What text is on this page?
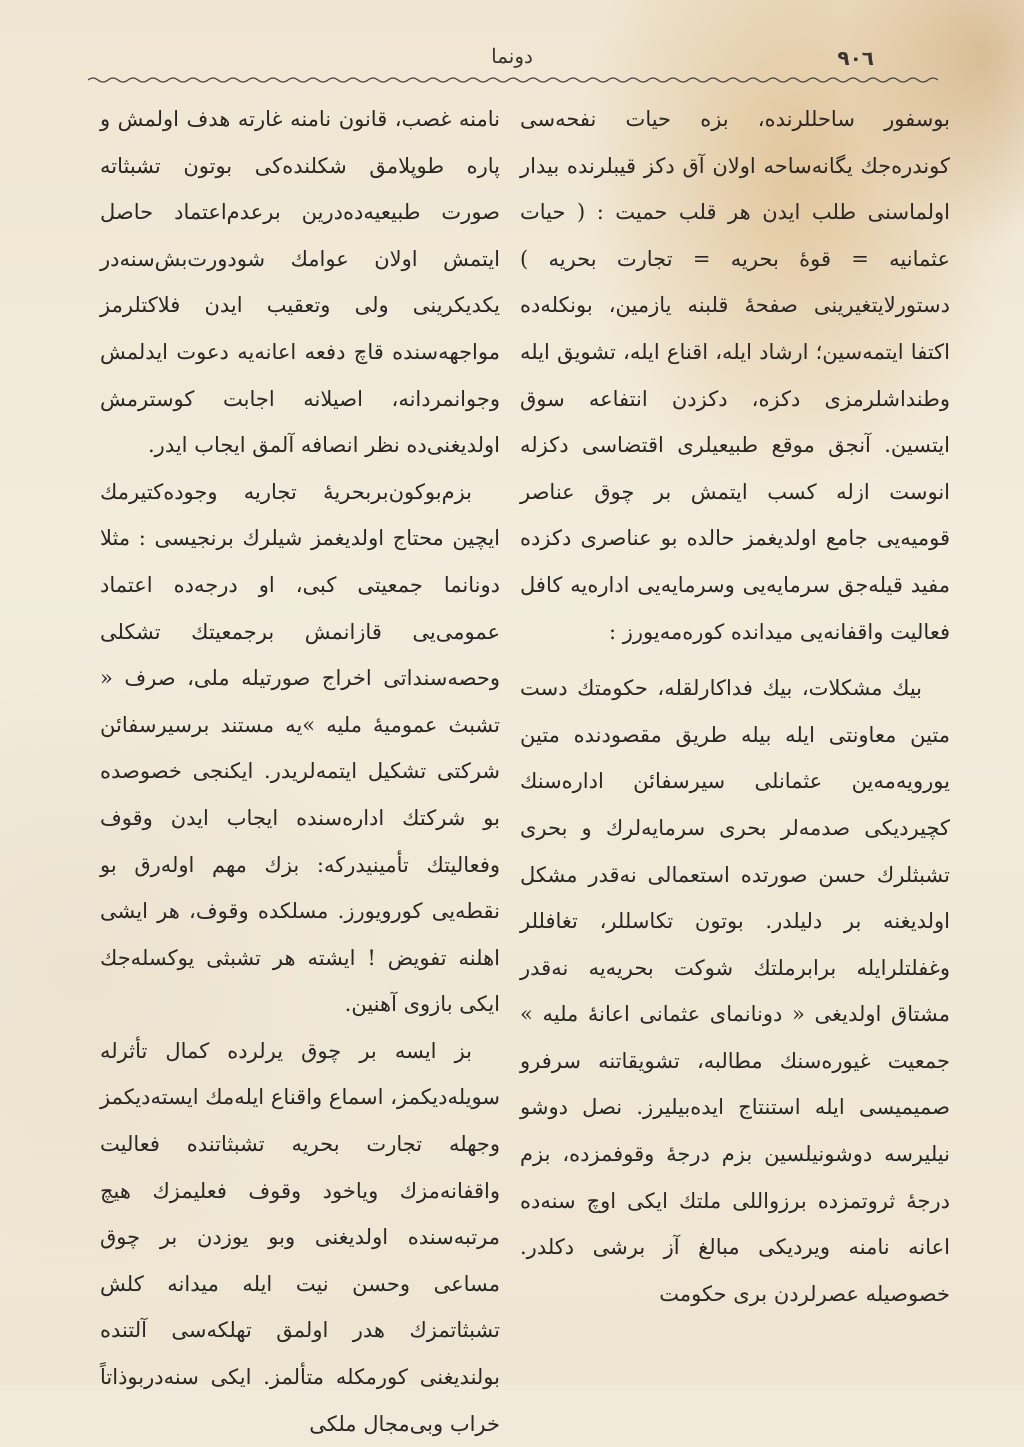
٩٠٦
دونما

بوسفور ساحللرنده، بزه حیات نفحه‌سی کوندره‌جك یگانه‌ساحه اولان آق دکز قیبلرنده بیدار اولماسنی طلب ایدن هر قلب حمیت : ( حیات عثمانیه = قوهٔ بحریه = تجارت بحریه ) دستورلایتغیرینی صفحهٔ قلبنه یازمین، بونکله‌ده اکتفا ایتمه‌سین؛ ارشاد ایله، اقناع ایله، تشویق ایله وطنداشلرمزی دکزه، دکزدن انتفاعه سوق ایتسین. آنجق موقع طبیعیلری اقتضاسی دکزله انوست ازله کسب ایتمش بر چوق عناصر قومیه‌یی جامع اولدیغمز حالده بو عناصری دکزده مفید قیله‌جق سرمایه‌یی وسرمایه‌یی اداره‌یه کافل فعالیت واقفانه‌یی میدانده کوره‌مه‌یورز :

بیك مشکلات، بیك فداکارلقله، حکومتك دست متین معاونتی ایله بیله طریق مقصودنده متین یورویه‌مه‌ین عثمانلی سیرسفائن اداره‌سنك کچیردیکی صدمه‌لر بحری سرمایه‌لرك و بحری تشبثلرك حسن صورتده استعمالی نه‌قدر مشکل اولدیغنه بر دلیلدر. بوتون تکاسللر، تغافللر وغفلتلرایله برابرملتك شوکت بحریه‌یه نه‌قدر مشتاق اولدیغی « دونانمای عثمانی اعانهٔ ملیه » جمعیت غیوره‌سنك مطالبه، تشویقاتنه سرفرو صمیمیسی ایله استنتاج ایده‌بیلیرز. نصل دوشو نیلیرسه دوشونیلسین بزم درجهٔ وقوفمزده، بزم درجهٔ ثروتمزده برزواللی ملتك ایکی اوچ سنه‌ده اعانه نامنه ویردیکی مبالغ آز برشی دکلدر. خصوصیله عصرلردن بری حکومت

نامنه غصب، قانون نامنه غارته هدف اولمش و پاره طوپلامق شکلنده‌کی بوتون تشبثاته صورت طبیعیه‌ده‌درین برعدم‌اعتماد حاصل ایتمش اولان عوامك شودورت‌بش‌سنه‌در یکدیکرینی ولی وتعقیب ایدن فلاکتلرمز مواجهه‌سنده قاچ دفعه اعانه‌یه دعوت ایدلمش وجوانمردانه، اصیلانه اجابت کوسترمش اولدیغنی‌ده نظر انصافه آلمق ایجاب ایدر.

بزم‌بوکون‌بربحریهٔ تجاریه وجوده‌کتیرمك ایچین محتاج اولدیغمز شیلرك برنجیسی : مثلا دونانما جمعیتی کبی، او درجه‌ده اعتماد عمومی‌یی قازانمش برجمعیتك تشکلی وحصه‌سنداتی اخراج صورتیله ملی، صرف « تشبث عمومیهٔ ملیه »یه مستند برسیرسفائن شرکتی تشکیل ایتمه‌لریدر. ایکنجی خصوصده بو شرکتك اداره‌سنده ایجاب ایدن وقوف وفعالیتك تأمینیدرکه: بزك مهم اوله‌رق بو نقطه‌یی کورویورز. مسلکده وقوف، هر ایشی اهلنه تفویض ! ایشته هر تشبثی یوکسله‌جك ایکی بازوی آهنین.

بز ایسه بر چوق یرلرده کمال تأثرله سویله‌دیکمز، اسماع واقناع ایله‌مك ایسته‌دیکمز وجهله تجارت بحریه تشبثاتنده فعالیت واقفانه‌مزك ویاخود وقوف فعلیمزك هیچ مرتبه‌سنده اولدیغنی وبو یوزدن بر چوق مساعی وحسن نیت ایله میدانه کلش تشبثاتمزك هدر اولمق تهلکه‌سی آلتنده بولندیغنی کورمکله متألمز. ایکی سنه‌دربوذاتاً خراب وبی‌مجال ملکی
